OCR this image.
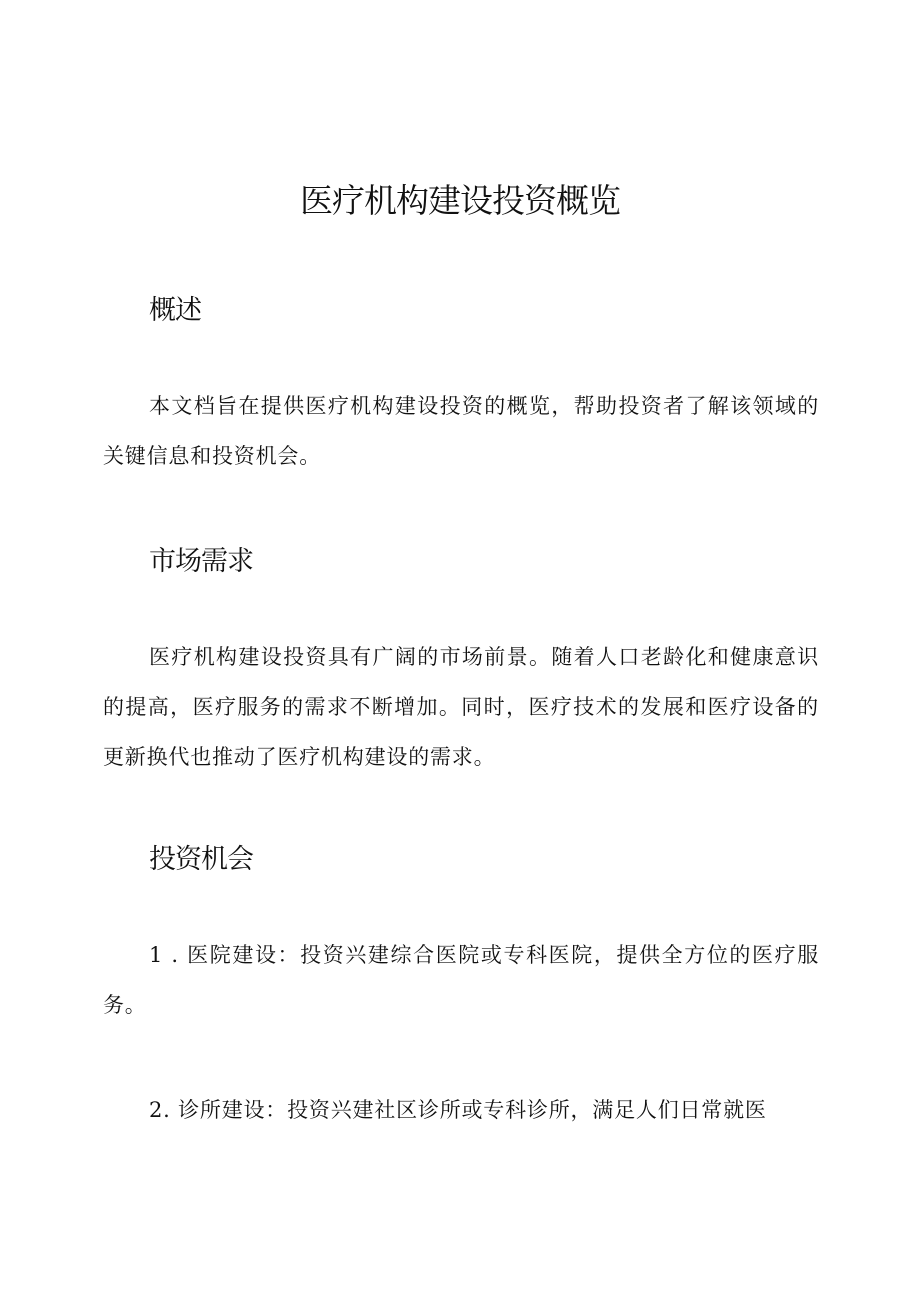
医疗机构建设投资概览
概述

本文档旨在提供医疗机构建设投资的概览，帮助投资者了解该领域的关键信息和投资机会。

市场需求

医疗机构建设投资具有广阔的市场前景。随着人口老龄化和健康意识的提高，医疗服务的需求不断增加。同时，医疗技术的发展和医疗设备的更新换代也推动了医疗机构建设的需求。

投资机会

1 . 医院建设：投资兴建综合医院或专科医院，提供全方位的医疗服务。

2. 诊所建设：投资兴建社区诊所或专科诊所，满足人们日常就医
